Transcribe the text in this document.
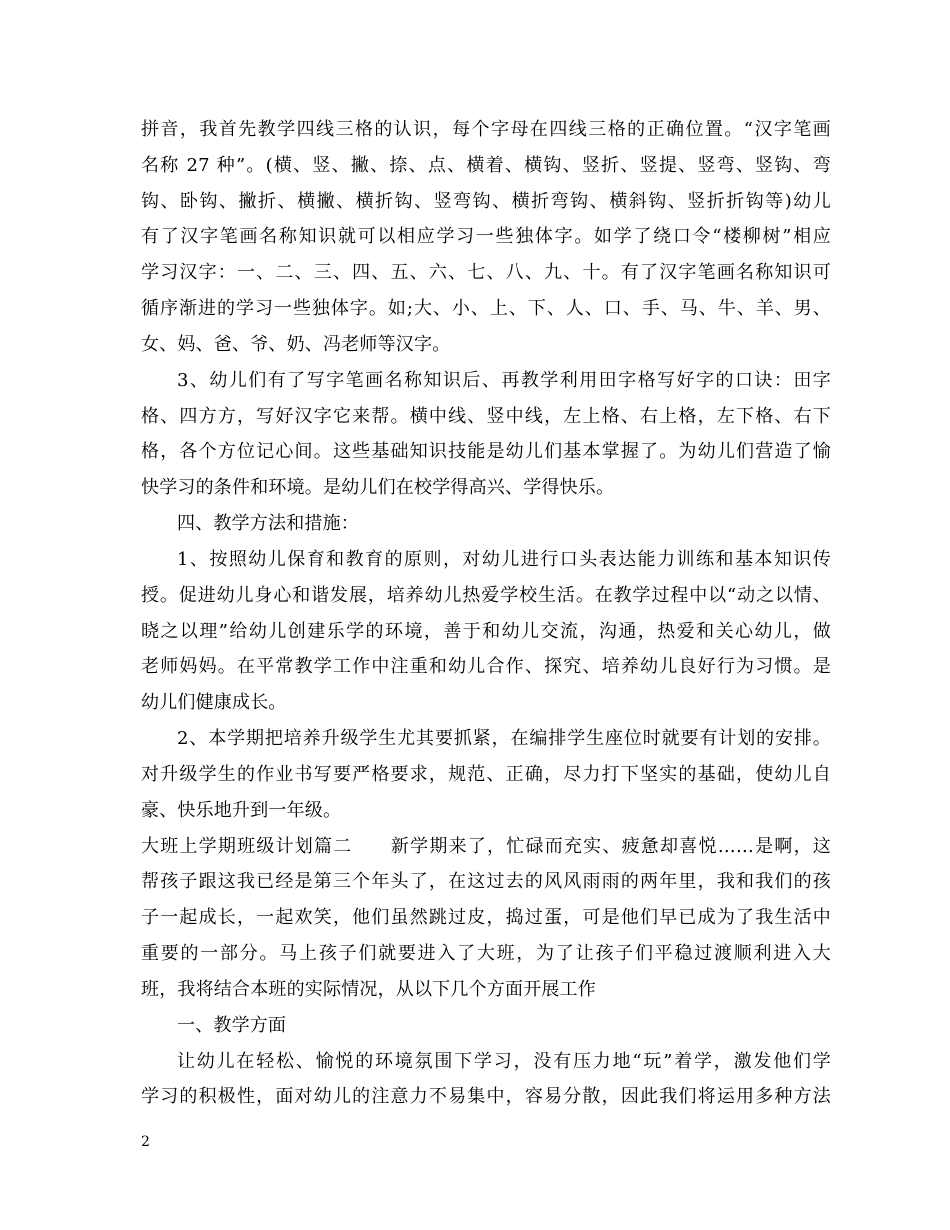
拼音，我首先教学四线三格的认识，每个字母在四线三格的正确位置。“汉字笔画
名称 27 种”。(横、竖、撇、捺、点、横着、横钩、竖折、竖提、竖弯、竖钩、弯
钩、卧钩、撇折、横撇、横折钩、竖弯钩、横折弯钩、横斜钩、竖折折钩等)幼儿
有了汉字笔画名称知识就可以相应学习一些独体字。如学了绕口令“楼柳树”相应
学习汉字：一、二、三、四、五、六、七、八、九、十。有了汉字笔画名称知识可
循序渐进的学习一些独体字。如;大、小、上、下、人、口、手、马、牛、羊、男、
女、妈、爸、爷、奶、冯老师等汉字。
3、幼儿们有了写字笔画名称知识后、再教学利用田字格写好字的口诀：田字
格、四方方，写好汉字它来帮。横中线、竖中线，左上格、右上格，左下格、右下
格，各个方位记心间。这些基础知识技能是幼儿们基本掌握了。为幼儿们营造了愉
快学习的条件和环境。是幼儿们在校学得高兴、学得快乐。
四、教学方法和措施：
1、按照幼儿保育和教育的原则，对幼儿进行口头表达能力训练和基本知识传
授。促进幼儿身心和谐发展，培养幼儿热爱学校生活。在教学过程中以“动之以情、
晓之以理”给幼儿创建乐学的环境，善于和幼儿交流，沟通，热爱和关心幼儿，做
老师妈妈。在平常教学工作中注重和幼儿合作、探究、培养幼儿良好行为习惯。是
幼儿们健康成长。
2、本学期把培养升级学生尤其要抓紧，在编排学生座位时就要有计划的安排。
对升级学生的作业书写要严格要求，规范、正确，尽力打下坚实的基础，使幼儿自
豪、快乐地升到一年级。
大班上学期班级计划篇二　　新学期来了，忙碌而充实、疲惫却喜悦……是啊，这
帮孩子跟这我已经是第三个年头了，在这过去的风风雨雨的两年里，我和我们的孩
子一起成长，一起欢笑，他们虽然跳过皮，捣过蛋，可是他们早已成为了我生活中
重要的一部分。马上孩子们就要进入了大班，为了让孩子们平稳过渡顺利进入大
班，我将结合本班的实际情况，从以下几个方面开展工作
一、教学方面
让幼儿在轻松、愉悦的环境氛围下学习，没有压力地“玩”着学，激发他们学
学习的积极性，面对幼儿的注意力不易集中，容易分散，因此我们将运用多种方法
2
